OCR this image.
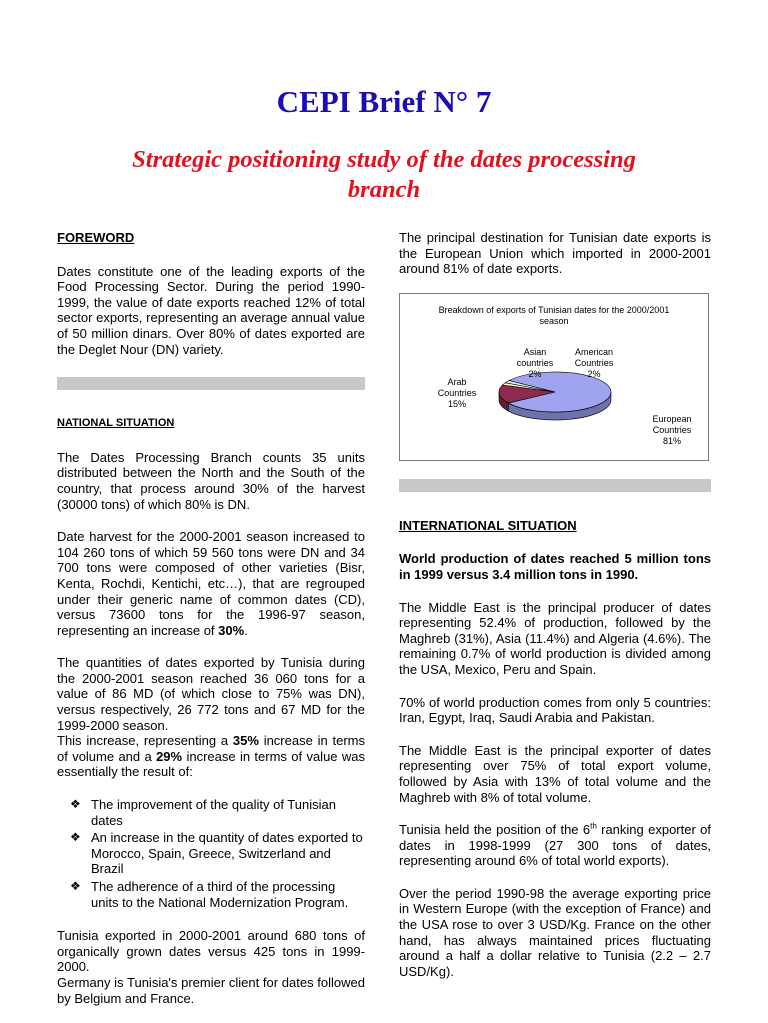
CEPI Brief N° 7
Strategic positioning study of the dates processing branch
FOREWORD

Dates constitute one of the leading exports of the Food Processing Sector. During the period 1990-1999, the value of date exports reached 12% of total sector exports, representing an average annual value of 50 million dinars. Over 80% of dates exported are the Deglet Nour (DN) variety.

NATIONAL SITUATION

The Dates Processing Branch counts 35 units distributed between the North and the South of the country, that process around 30% of the harvest (30000 tons) of which 80% is DN.

Date harvest for the 2000-2001 season increased to 104 260 tons of which 59 560 tons were DN and 34 700 tons were composed of other varieties (Bisr, Kenta, Rochdi, Kentichi, etc…), that are regrouped under their generic name of common dates (CD), versus 73600 tons for the 1996-97 season, representing an increase of 30%.

The quantities of dates exported by Tunisia during the 2000-2001 season reached 36 060 tons for a value of 86 MD (of which close to 75% was DN), versus respectively, 26 772 tons and 67 MD for the 1999-2000 season.
This increase, representing a 35% increase in terms of volume and a 29% increase in terms of value was essentially the result of:

❖ The improvement of the quality of Tunisian dates
❖ An increase in the quantity of dates exported to Morocco, Spain, Greece, Switzerland and Brazil
❖ The adherence of a third of the processing units to the National Modernization Program.

Tunisia exported in 2000-2001 around 680 tons of organically grown dates versus 425 tons in 1999-2000.
Germany is Tunisia's premier client for dates followed by Belgium and France.

The principal destination for Tunisian date exports is the European Union which imported in 2000-2001 around 81% of date exports.

Breakdown of exports of Tunisian dates for the 2000/2001 season
European Countries 81%
Arab Countries 15%
Asian countries 2%
American Countries 2%
INTERNATIONAL SITUATION

World production of dates reached 5 million tons in 1999 versus 3.4 million tons in 1990.

The Middle East is the principal producer of dates representing 52.4% of production, followed by the Maghreb (31%), Asia (11.4%) and Algeria (4.6%). The remaining 0.7% of world production is divided among the USA, Mexico, Peru and Spain.

70% of world production comes from only 5 countries: Iran, Egypt, Iraq, Saudi Arabia and Pakistan.

The Middle East is the principal exporter of dates representing over 75% of total export volume, followed by Asia with 13% of total volume and the Maghreb with 8% of total volume.

Tunisia held the position of the 6th ranking exporter of dates in 1998-1999 (27 300 tons of dates, representing around 6% of total world exports).

Over the period 1990-98 the average exporting price in Western Europe (with the exception of France) and the USA rose to over 3 USD/Kg. France on the other hand, has always maintained prices fluctuating around a half a dollar relative to Tunisia (2.2 – 2.7 USD/Kg).
